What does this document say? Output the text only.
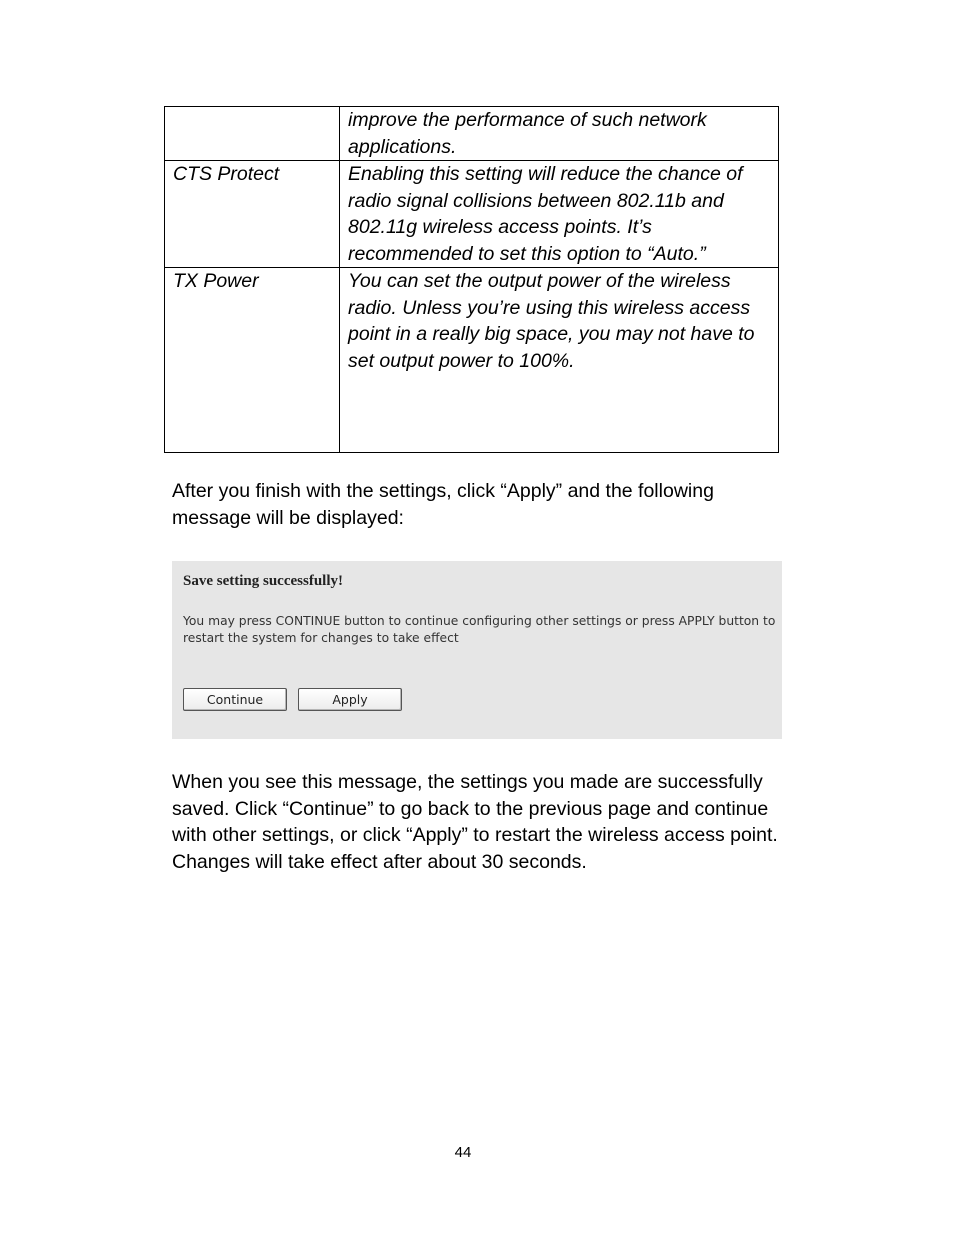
	improve the performance of such network applications.
CTS Protect	Enabling this setting will reduce the chance of radio signal collisions between 802.11b and 802.11g wireless access points. It’s recommended to set this option to “Auto.”
TX Power	You can set the output power of the wireless radio. Unless you’re using this wireless access point in a really big space, you may not have to set output power to 100%.

After you finish with the settings, click “Apply” and the following message will be displayed:

Save setting successfully!
You may press CONTINUE button to continue configuring other settings or press APPLY button to restart the system for changes to take effect
Continue	Apply

When you see this message, the settings you made are successfully saved. Click “Continue” to go back to the previous page and continue with other settings, or click “Apply” to restart the wireless access point. Changes will take effect after about 30 seconds.

44
